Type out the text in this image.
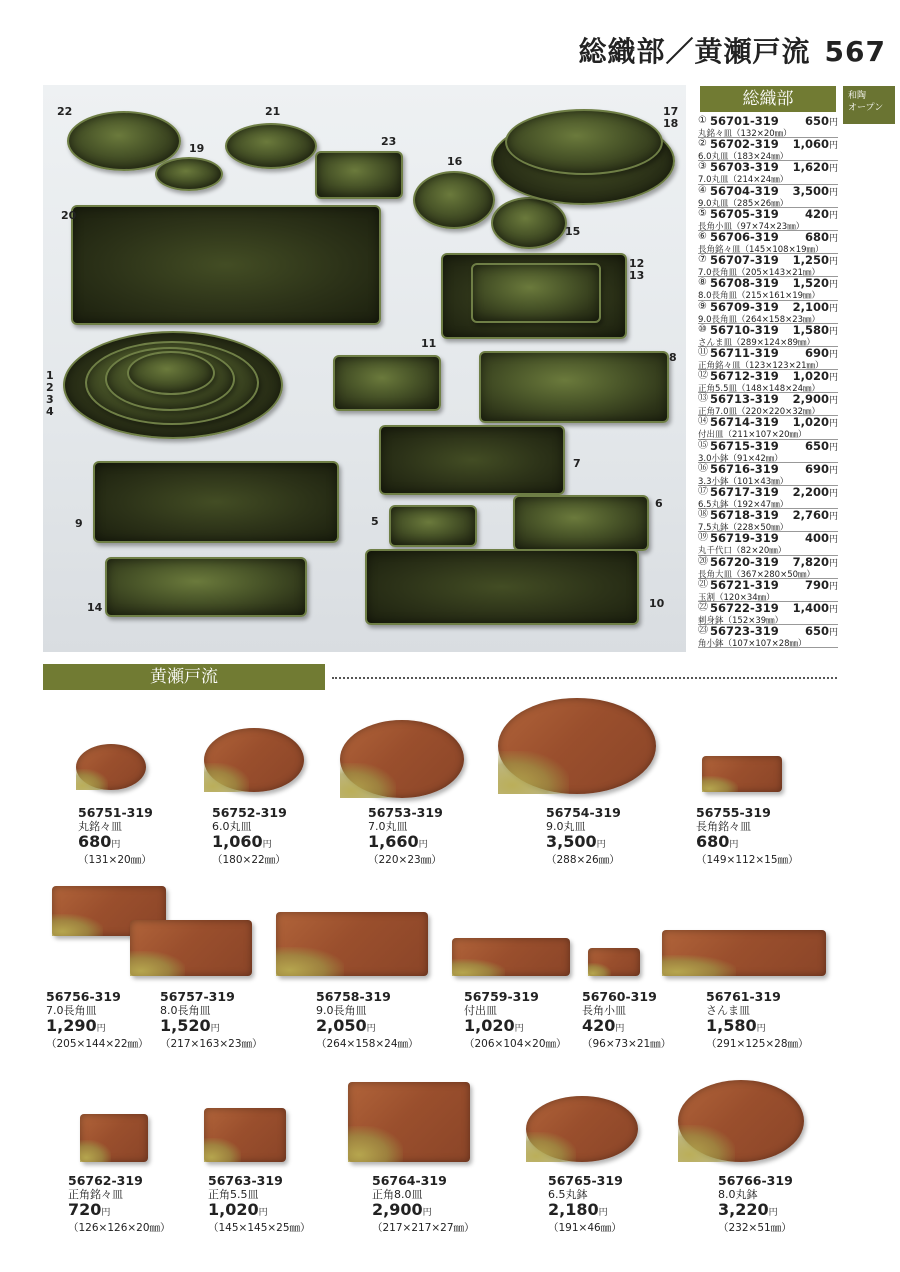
総織部／黄瀬戸流 567
22	21
19
23
16
17
18
15
20
12
13
11
8
1
2
3
4
7
9	5
6
14	10
総織部	和陶
オープン
① 56701-319	650円
丸銘々皿（132×20㎜）
② 56702-319	1,060円
6.0丸皿（183×24㎜）
③ 56703-319	1,620円
7.0丸皿（214×24㎜）
④ 56704-319	3,500円
9.0丸皿（285×26㎜）
⑤ 56705-319	420円
長角小皿（97×74×23㎜）
⑥ 56706-319	680円
長角銘々皿（145×108×19㎜）
⑦ 56707-319	1,250円
7.0長角皿（205×143×21㎜）
⑧ 56708-319	1,520円
8.0長角皿（215×161×19㎜）
⑨ 56709-319	2,100円
9.0長角皿（264×158×23㎜）
⑩ 56710-319	1,580円
さんま皿（289×124×89㎜）
⑪ 56711-319	690円
正角銘々皿（123×123×21㎜）
⑫ 56712-319	1,020円
正角5.5皿（148×148×24㎜）
⑬ 56713-319	2,900円
正角7.0皿（220×220×32㎜）
⑭ 56714-319	1,020円
付出皿（211×107×20㎜）
⑮ 56715-319	650円
3.0小鉢（91×42㎜）
⑯ 56716-319	690円
3.3小鉢（101×43㎜）
⑰ 56717-319	2,200円
6.5丸鉢（192×47㎜）
⑱ 56718-319	2,760円
7.5丸鉢（228×50㎜）
⑲ 56719-319	400円
丸千代口（82×20㎜）
⑳ 56720-319	7,820円
長角大皿（367×280×50㎜）
㉑ 56721-319	790円
玉割（120×34㎜）
㉒ 56722-319	1,400円
刺身鉢（152×39㎜）
㉓ 56723-319	650円
角小鉢（107×107×28㎜）
黄瀬戸流
56751-319
丸銘々皿
680円
（131×20㎜）
56752-319
6.0丸皿
1,060円
（180×22㎜）
56753-319
7.0丸皿
1,660円
（220×23㎜）
56754-319
9.0丸皿
3,500円
（288×26㎜）
56755-319
長角銘々皿
680円
（149×112×15㎜）
56756-319
7.0長角皿
1,290円
（205×144×22㎜）
56757-319
8.0長角皿
1,520円
（217×163×23㎜）
56758-319
9.0長角皿
2,050円
（264×158×24㎜）
56759-319
付出皿
1,020円
（206×104×20㎜）
56760-319
長角小皿
420円
（96×73×21㎜）
56761-319
さんま皿
1,580円
（291×125×28㎜）
56762-319
正角銘々皿
720円
（126×126×20㎜）
56763-319
正角5.5皿
1,020円
（145×145×25㎜）
56764-319
正角8.0皿
2,900円
（217×217×27㎜）
56765-319
6.5丸鉢
2,180円
（191×46㎜）
56766-319
8.0丸鉢
3,220円
（232×51㎜）
